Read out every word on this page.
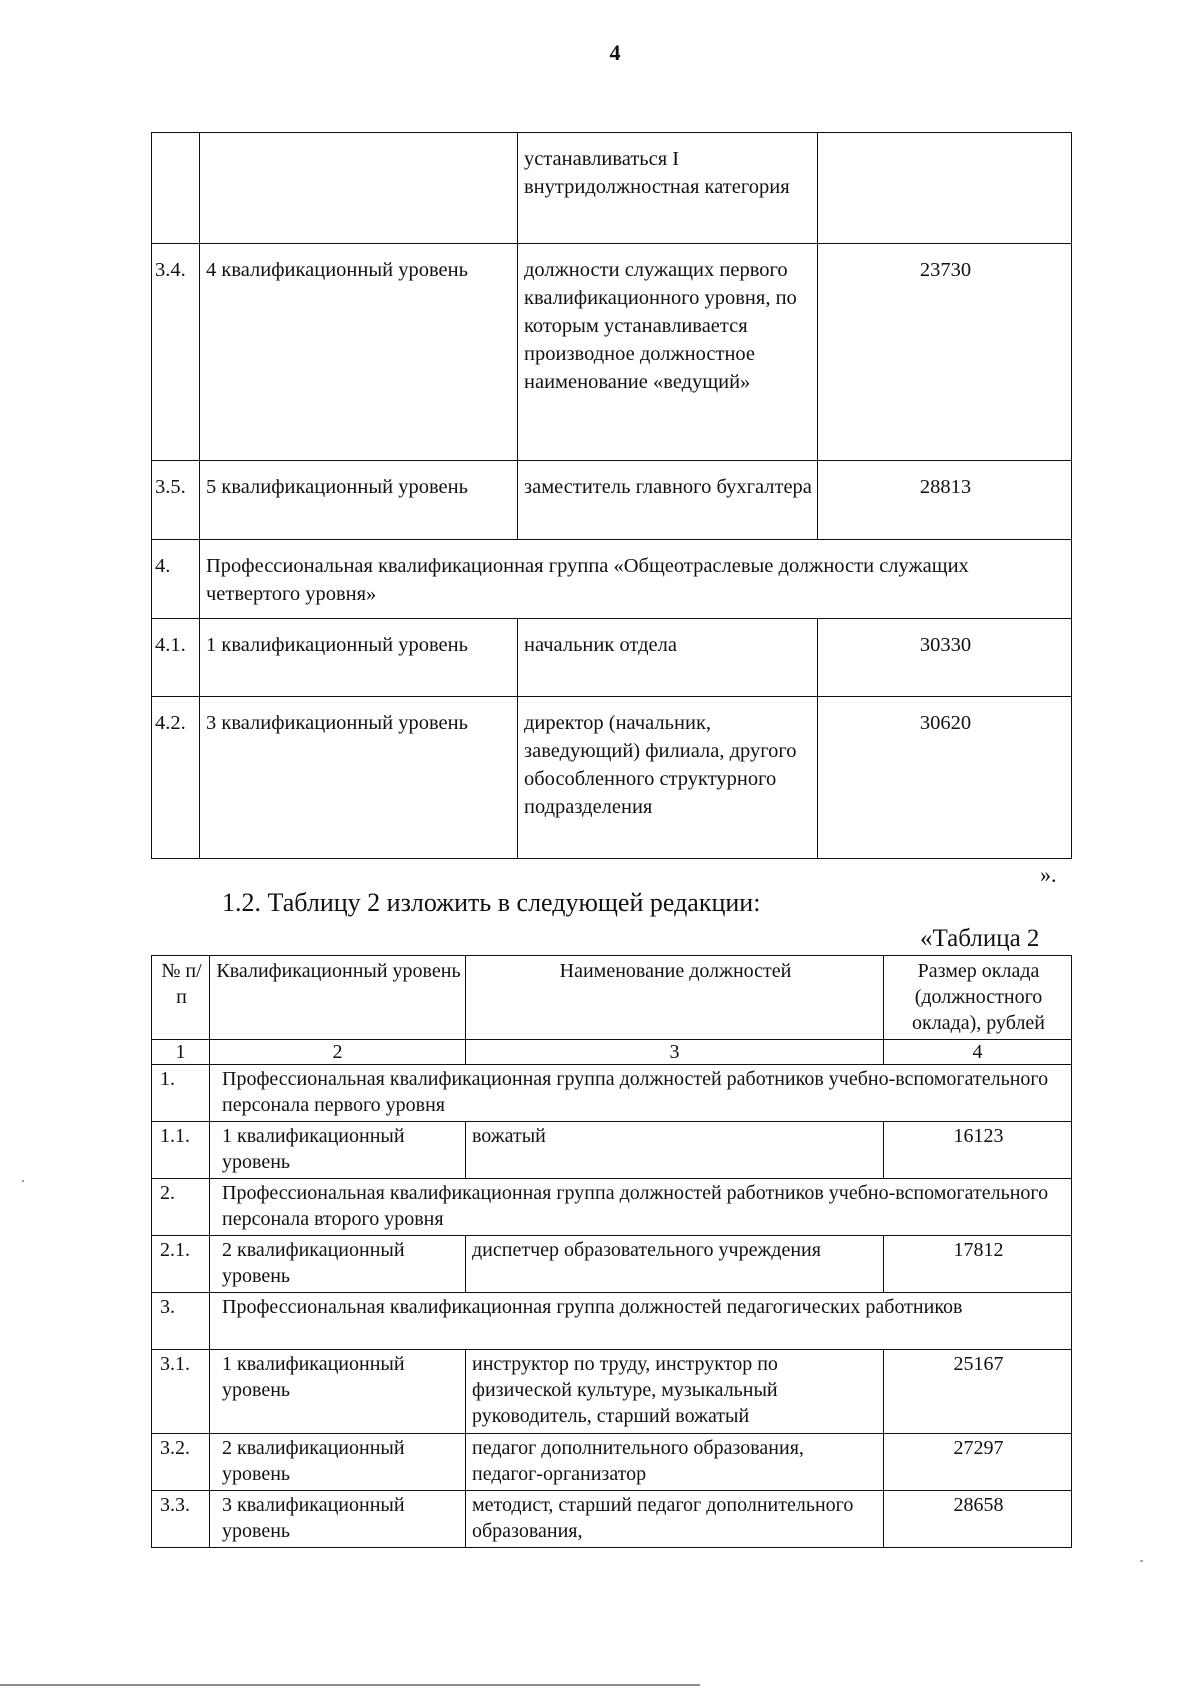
4
		устанавливаться I внутридолжностная категория	
3.4.	4 квалификационный уровень	должности служащих первого квалификационного уровня, по которым устанавливается производное должностное наименование «ведущий»	23730
3.5.	5 квалификационный уровень	заместитель главного бухгалтера	28813
4.	Профессиональная квалификационная группа «Общеотраслевые должности служащих четвертого уровня»		
4.1.	1 квалификационный уровень	начальник отдела	30330
4.2.	3 квалификационный уровень	директор (начальник, заведующий) филиала, другого обособленного структурного подразделения	30620
».
1.2. Таблицу 2 изложить в следующей редакции:
«Таблица 2
№ п/п	Квалификационный уровень	Наименование должностей	Размер оклада (должностного оклада), рублей
1	2	3	4
1.	Профессиональная квалификационная группа должностей работников учебно-вспомогательного персонала первого уровня		
1.1.	1 квалификационный уровень	вожатый	16123
2.	Профессиональная квалификационная группа должностей работников учебно-вспомогательного персонала второго уровня		
2.1.	2 квалификационный уровень	диспетчер образовательного учреждения	17812
3.	Профессиональная квалификационная группа должностей педагогических работников		
3.1.	1 квалификационный уровень	инструктор по труду, инструктор по физической культуре, музыкальный руководитель, старший вожатый	25167
3.2.	2 квалификационный уровень	педагог дополнительного образования, педагог-организатор	27297
3.3.	3 квалификационный уровень	методист, старший педагог дополнительного образования,	28658
